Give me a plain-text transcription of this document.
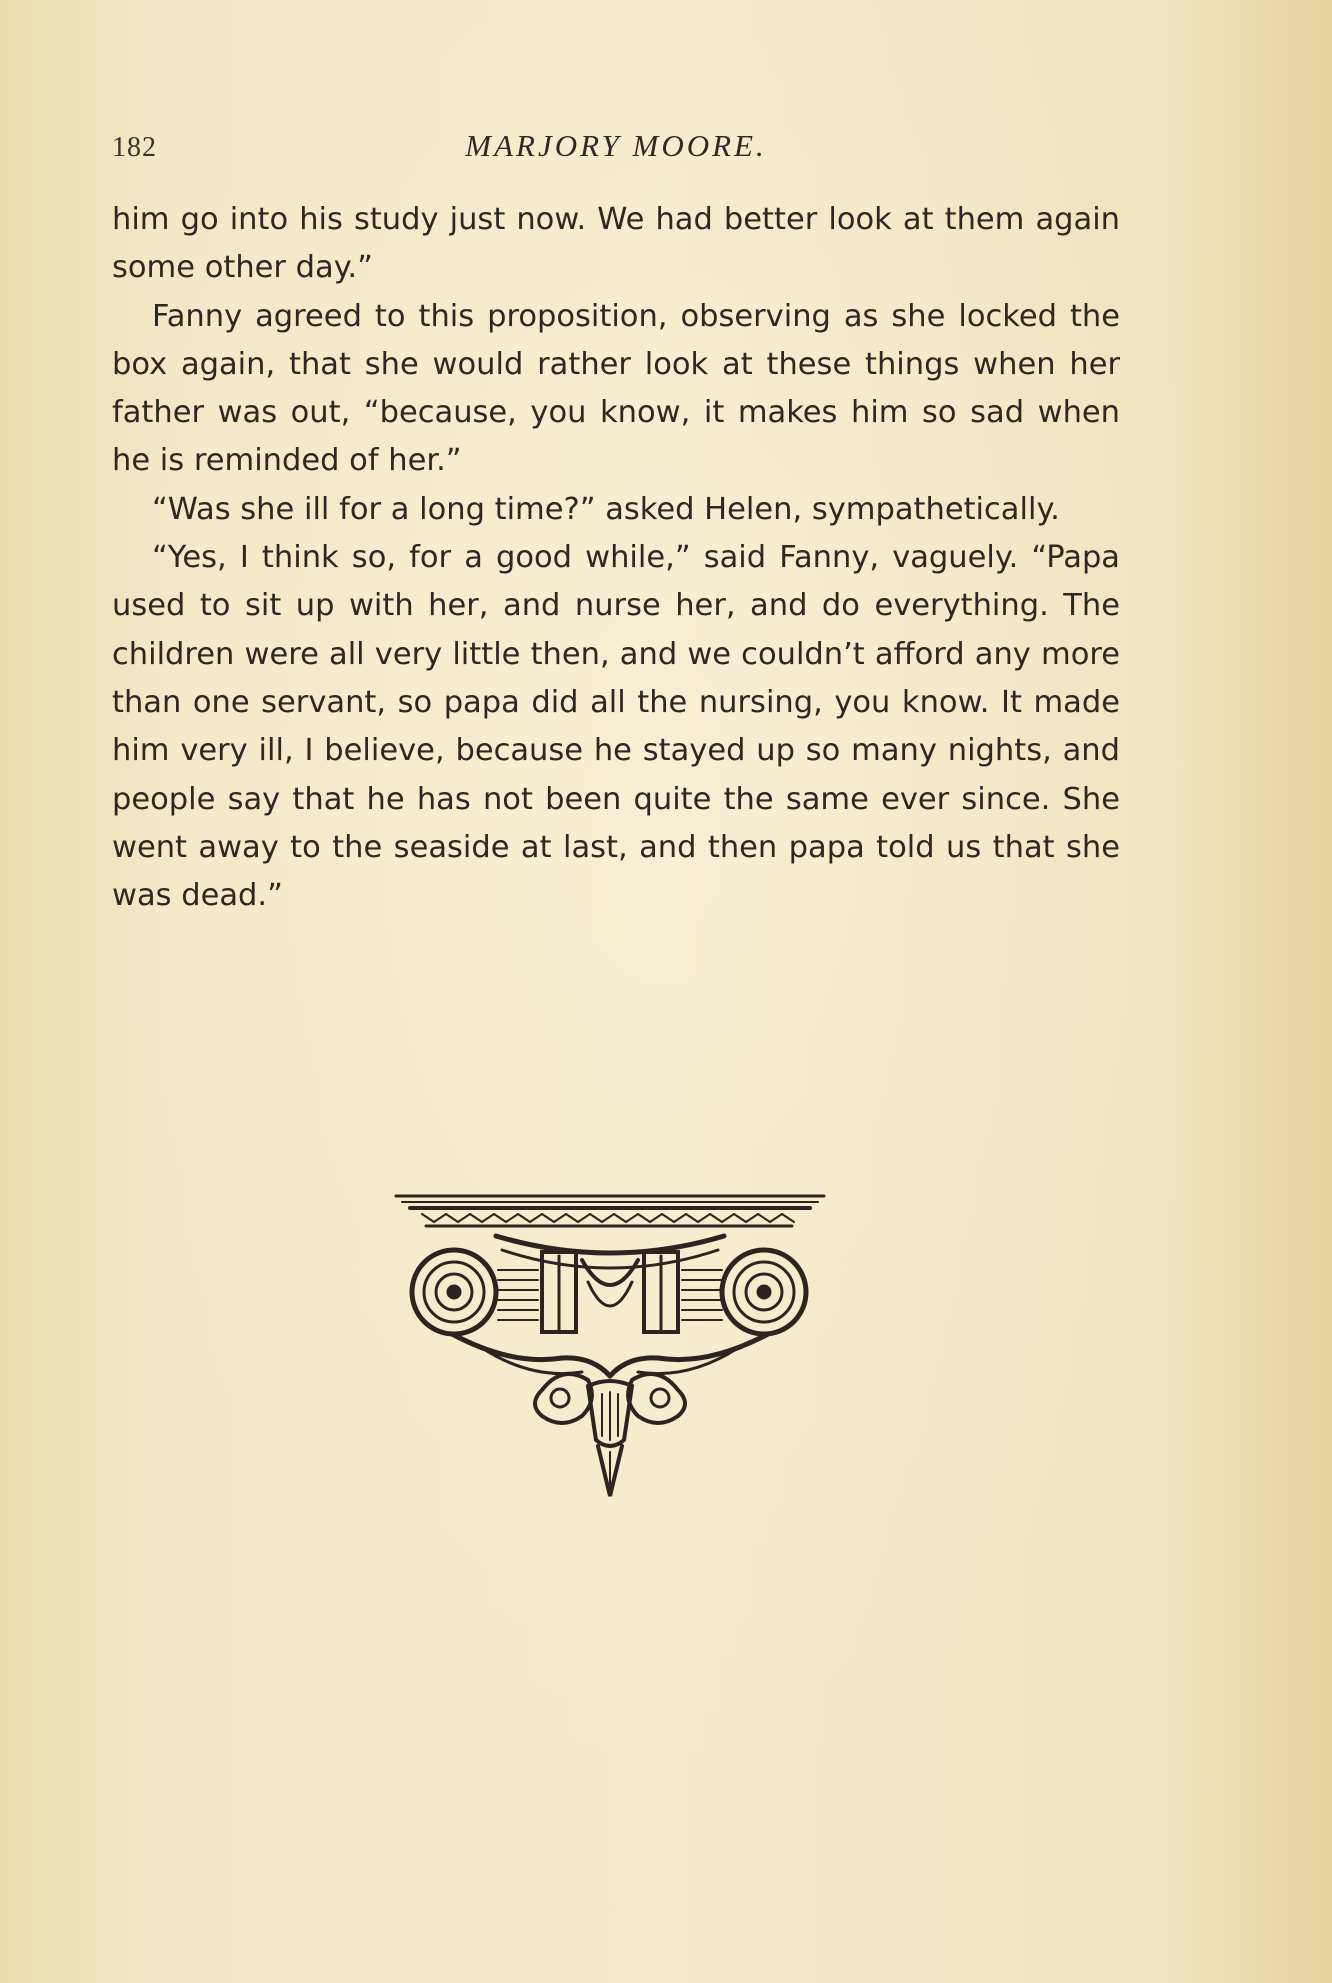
182	MARJORY MOORE.

him go into his study just now. We had better look at them again some other day.”

Fanny agreed to this proposition, observing as she locked the box again, that she would rather look at these things when her father was out, “because, you know, it makes him so sad when he is reminded of her.”

“Was she ill for a long time?” asked Helen, sympathetically.

“Yes, I think so, for a good while,” said Fanny, vaguely. “Papa used to sit up with her, and nurse her, and do everything. The children were all very little then, and we couldn’t afford any more than one servant, so papa did all the nursing, you know. It made him very ill, I believe, because he stayed up so many nights, and people say that he has not been quite the same ever since. She went away to the seaside at last, and then papa told us that she was dead.”
